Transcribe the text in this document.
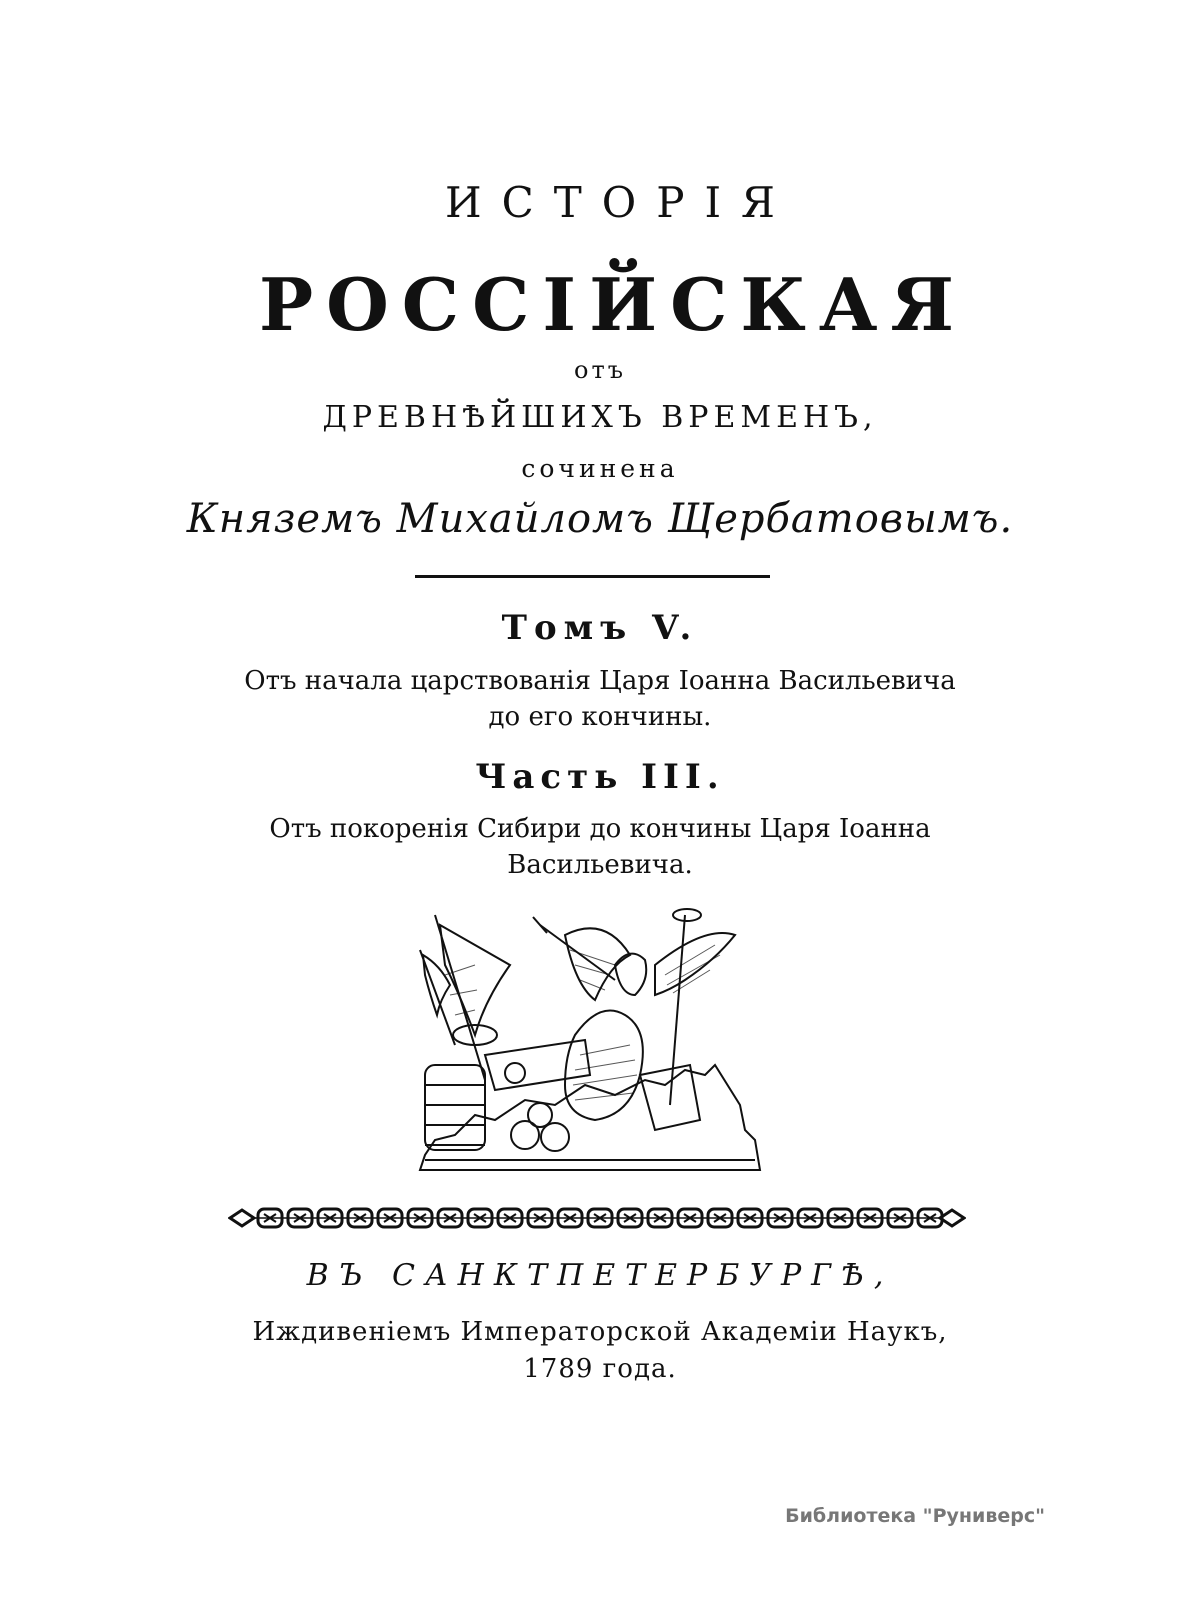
ИСТОРІЯ
РОССІЙСКАЯ
отъ
ДРЕВНѢЙШИХЪ ВРЕМЕНЪ,
сочинена
Княземъ Михайломъ Щербатовымъ.
Томъ V.
Отъ начала царствованія Царя Іоанна Васильевича
до его кончины.
Часть III.
Отъ покоренія Сибири до кончины Царя Іоанна
Васильевича.
ВЪ САНКТПЕТЕРБУРГѢ,
Иждивеніемъ Императорской Академіи Наукъ,
1789 года.
Библиотека "Руниверс"
